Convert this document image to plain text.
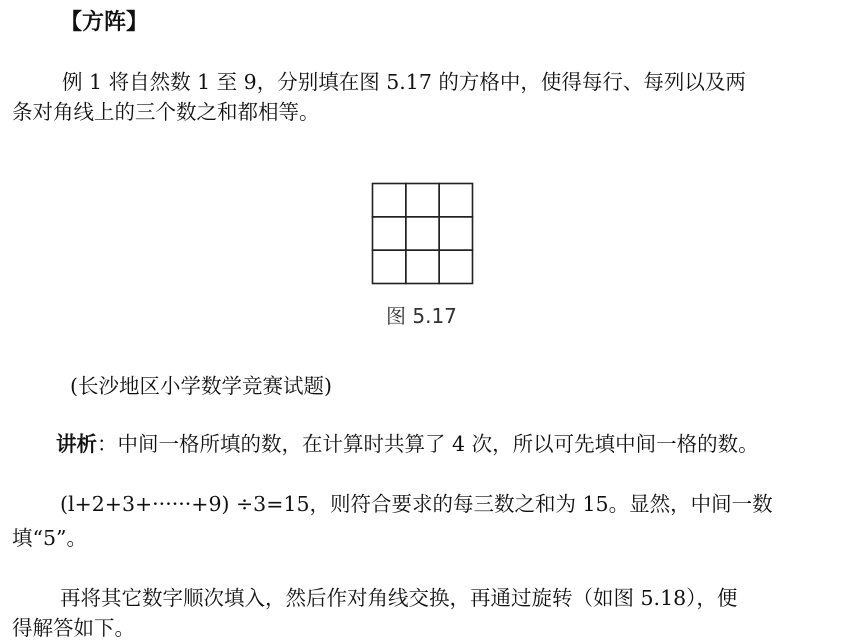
【方阵】
例 1 将自然数 1 至 9，分别填在图 5.17 的方格中，使得每行、每列以及两
条对角线上的三个数之和都相等。
图 5.17
(长沙地区小学数学竞赛试题)
讲析：中间一格所填的数，在计算时共算了 4 次，所以可先填中间一格的数。
(l+2+3+······+9) ÷3=15，则符合要求的每三数之和为 15。显然，中间一数
填“5”。
再将其它数字顺次填入，然后作对角线交换，再通过旋转（如图 5.18），便
得解答如下。
